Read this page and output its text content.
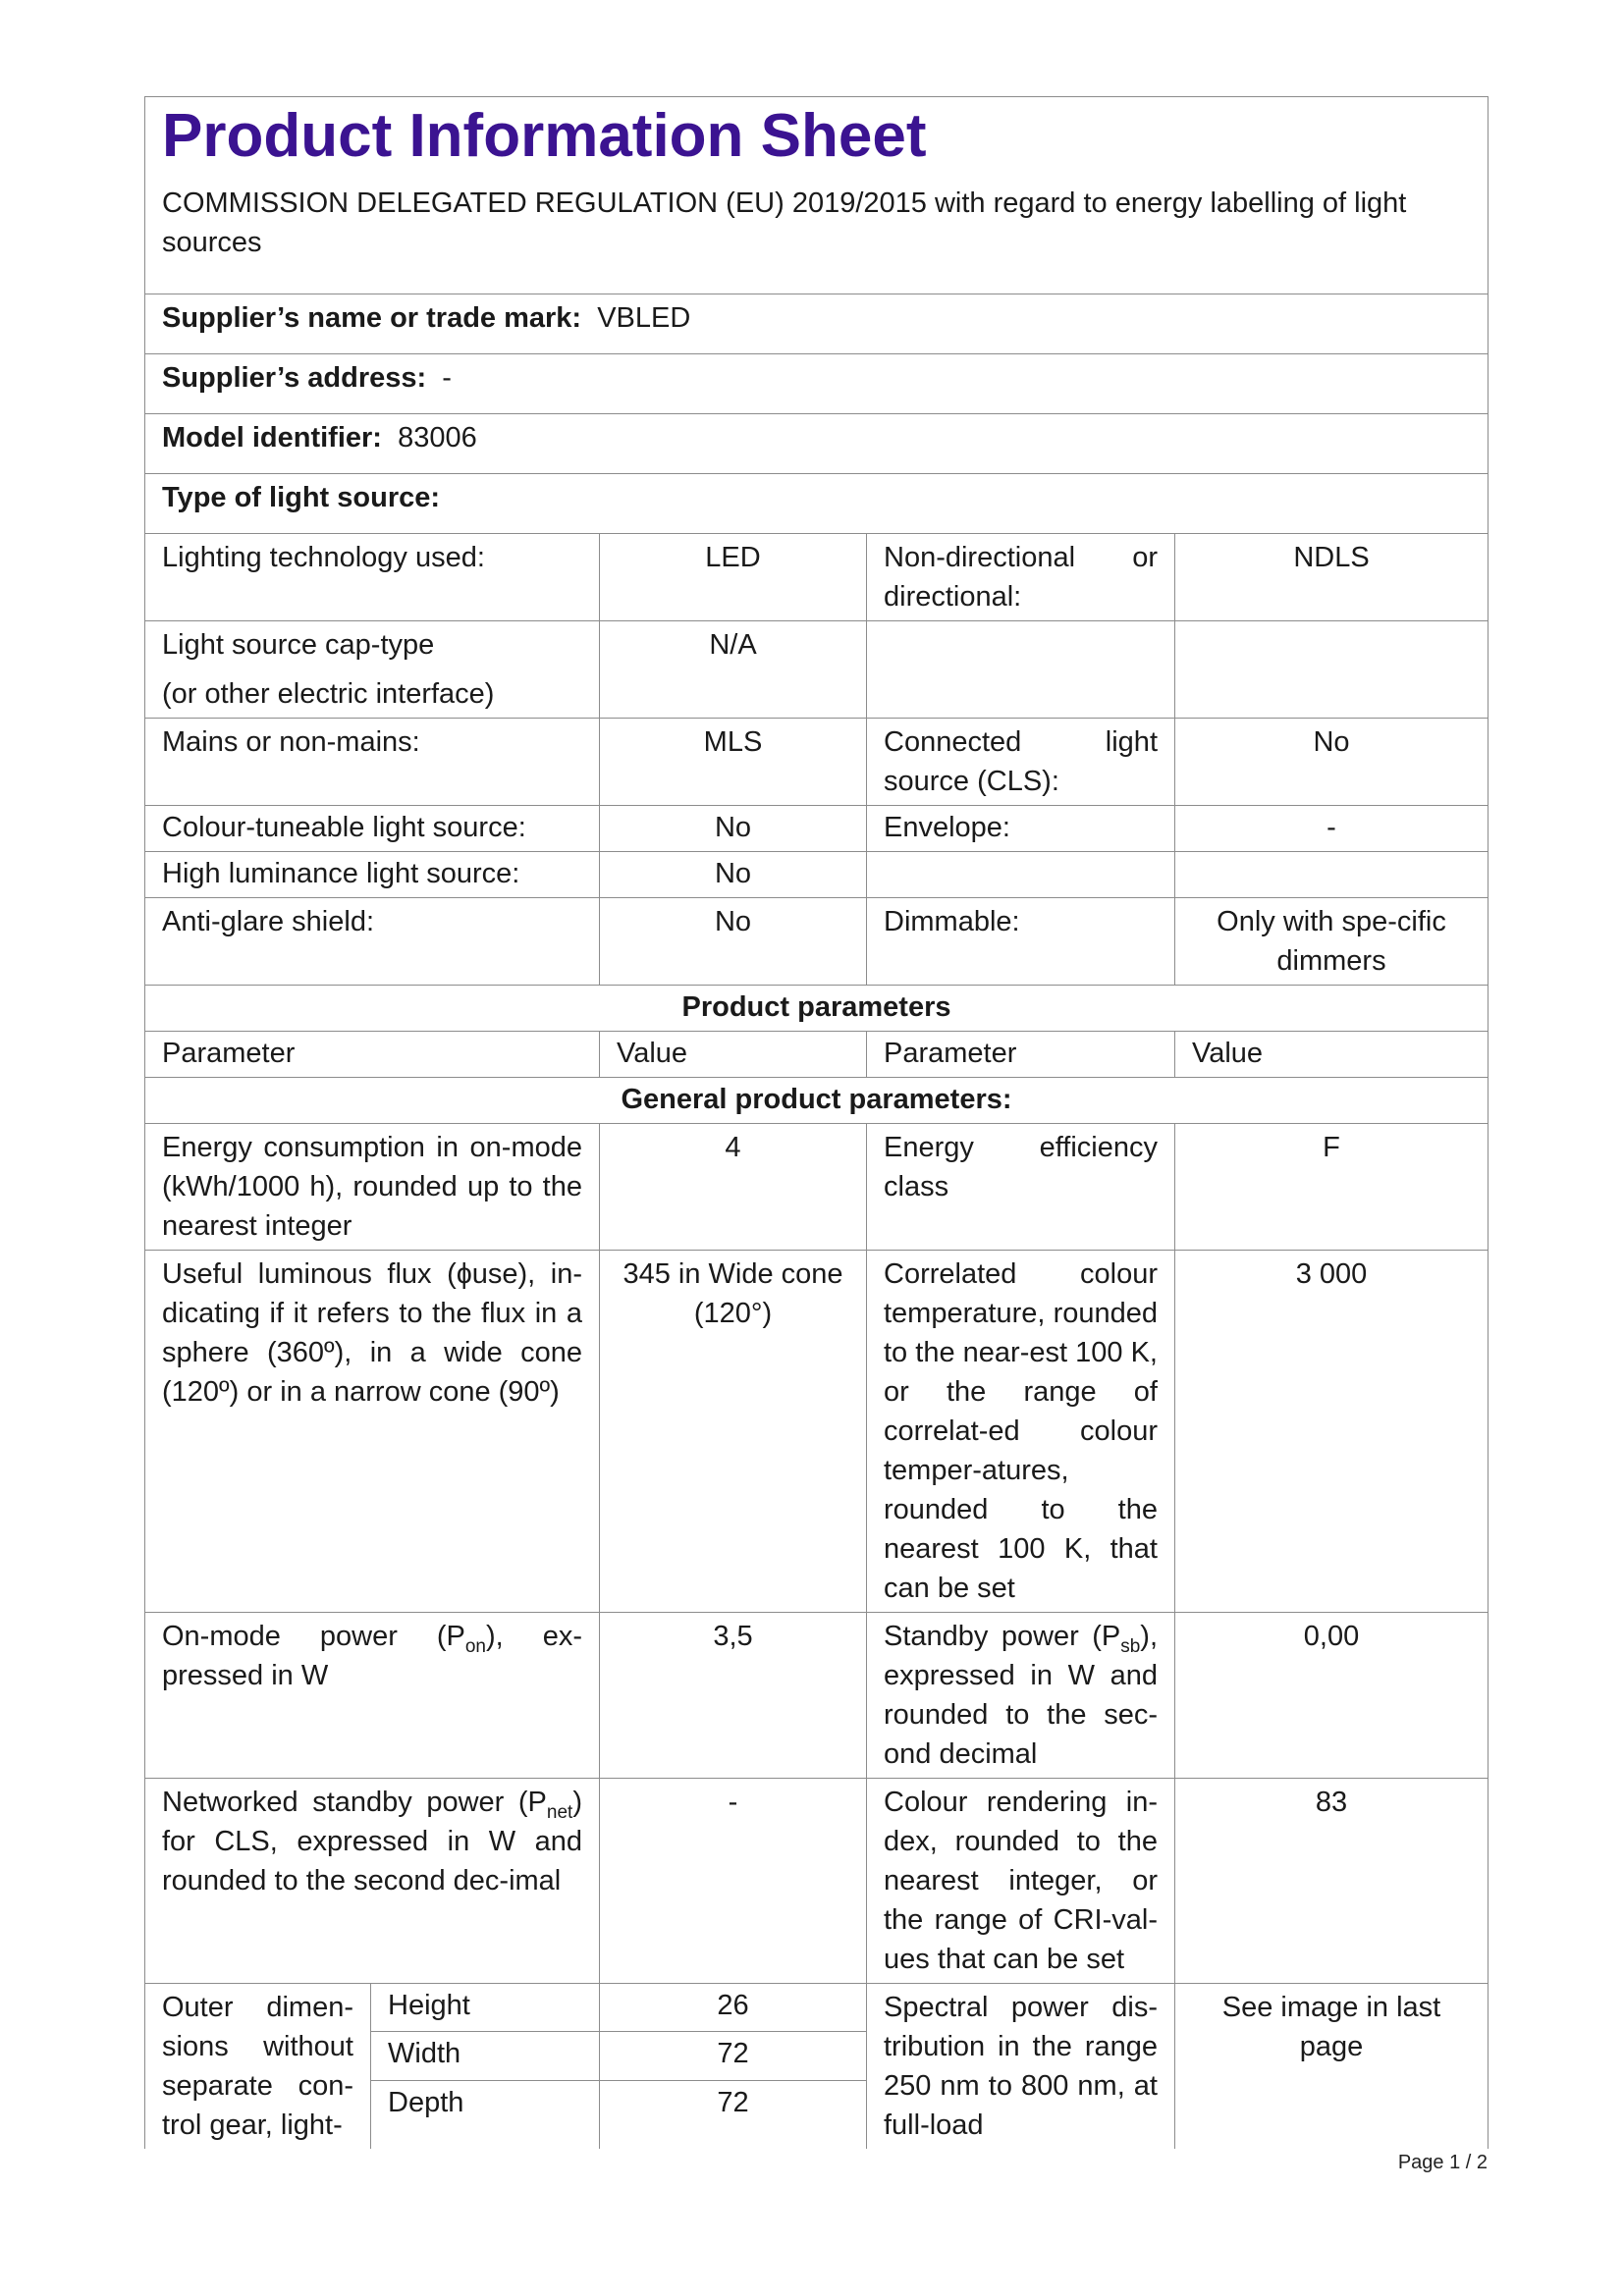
Product Information Sheet
COMMISSION DELEGATED REGULATION (EU) 2019/2015 with regard to energy labelling of light sources				

Supplier’s name or trade mark: VBLED				
Supplier’s address: -				
Model identifier: 83006				
Type of light source:				
Lighting technology used:		LED	Non-directional or directional:	NDLS

Light source cap-type
(or other electric interface)		N/A		
Mains or non-mains:		MLS	Connected light source (CLS):	No
Colour-tuneable light source:		No	Envelope:	-
High luminance light source:		No		
Anti-glare shield:		No	Dimmable:	Only with spe-cific dimmers
Product parameters				
Parameter		Value	Parameter	Value
General product parameters:				
Energy consumption in on-mode (kWh/1000 h), rounded up to the nearest integer		4	Energy efficiency class	F
Useful luminous flux (ɸuse), in-dicating if it refers to the flux in a sphere (360º), in a wide cone (120º) or in a narrow cone (90º)		345 in Wide cone (120°)	Correlated colour temperature, rounded to the near-est 100 K, or the range of correlat-ed colour temper-atures, rounded to the nearest 100 K, that can be set	3 000
On-mode power $(P_{on})$, ex-pressed in W		3,5	Standby power $(P_{sb})$, expressed in W and rounded to the sec-ond decimal	0,00
Networked standby power $(P_{net})$ for CLS, expressed in W and rounded to the second dec-imal		-	Colour rendering in-dex, rounded to the nearest integer, or the range of CRI-val-ues that can be set	83
Outer dimen-sions without separate con-trol gear, light-	Height	26	Spectral power dis-tribution in the range 250 nm to 800 nm, at full-load	See image in last page
	Width	72		
	Depth	72		
Page 1 / 2
